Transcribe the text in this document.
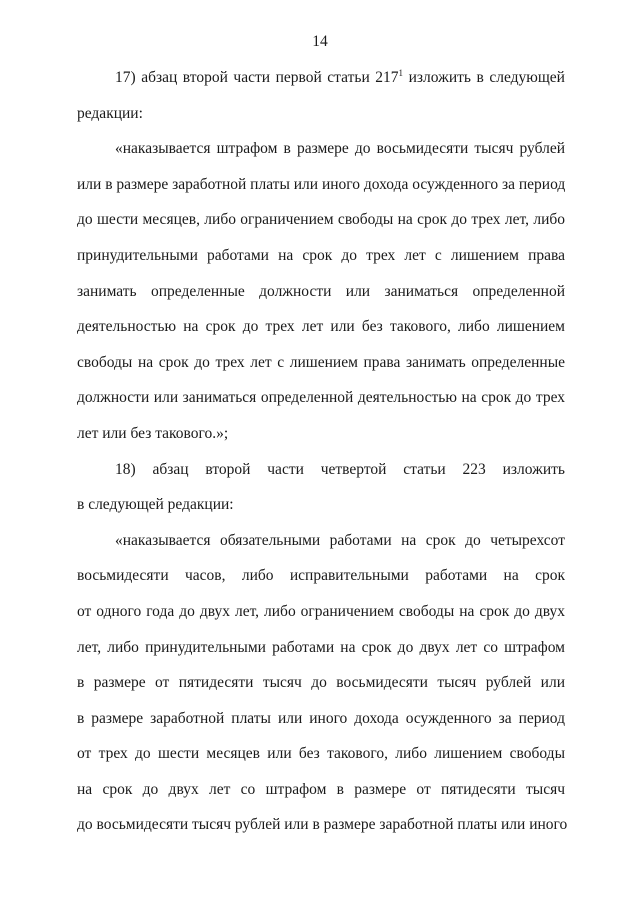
14
17) абзац второй части первой статьи $217^1$ изложить в следующей
редакции:
«наказывается штрафом в размере до восьмидесяти тысяч рублей
или в размере заработной платы или иного дохода осужденного за период
до шести месяцев, либо ограничением свободы на срок до трех лет, либо
принудительными работами на срок до трех лет с лишением права
занимать определенные должности или заниматься определенной
деятельностью на срок до трех лет или без такового, либо лишением
свободы на срок до трех лет с лишением права занимать определенные
должности или заниматься определенной деятельностью на срок до трех
лет или без такового.»;
18) абзац второй части четвертой статьи 223 изложить
в следующей редакции:
«наказывается обязательными работами на срок до четырехсот
восьмидесяти часов, либо исправительными работами на срок
от одного года до двух лет, либо ограничением свободы на срок до двух
лет, либо принудительными работами на срок до двух лет со штрафом
в размере от пятидесяти тысяч до восьмидесяти тысяч рублей или
в размере заработной платы или иного дохода осужденного за период
от трех до шести месяцев или без такового, либо лишением свободы
на срок до двух лет со штрафом в размере от пятидесяти тысяч
до восьмидесяти тысяч рублей или в размере заработной платы или иного
